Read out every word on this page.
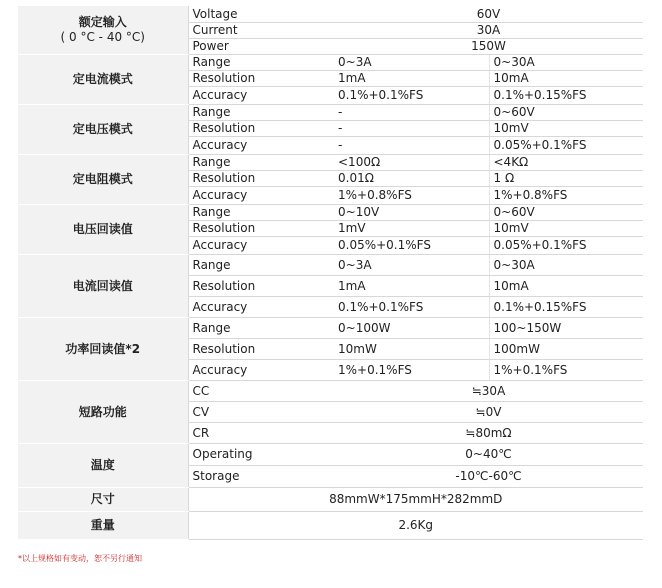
额定输入
( 0 °C - 40 °C)	Voltage	60V	
	Current	30A	
	Power	150W	
定电流模式	Range	0~3A	0~30A
	Resolution	1mA	10mA
	Accuracy	0.1%+0.1%FS	0.1%+0.15%FS
定电压模式	Range	-	0~60V
	Resolution	-	10mV
	Accuracy	-	0.05%+0.1%FS
定电阻模式	Range	<100Ω	<4KΩ
	Resolution	0.01Ω	1 Ω
	Accuracy	1%+0.8%FS	1%+0.8%FS
电压回读值	Range	0~10V	0~60V
	Resolution	1mV	10mV
	Accuracy	0.05%+0.1%FS	0.05%+0.1%FS
电流回读值	Range	0~3A	0~30A
	Resolution	1mA	10mA
	Accuracy	0.1%+0.1%FS	0.1%+0.15%FS
功率回读值*2	Range	0~100W	100~150W
	Resolution	10mW	100mW
	Accuracy	1%+0.1%FS	1%+0.1%FS
短路功能	CC	≒30A	
	CV	≒0V	
	CR	≒80mΩ	
温度	Operating	0~40℃	
	Storage	-10℃-60℃	
尺寸	88mmW*175mmH*282mmD		
重量	2.6Kg		
*以上规格如有变动，恕不另行通知
